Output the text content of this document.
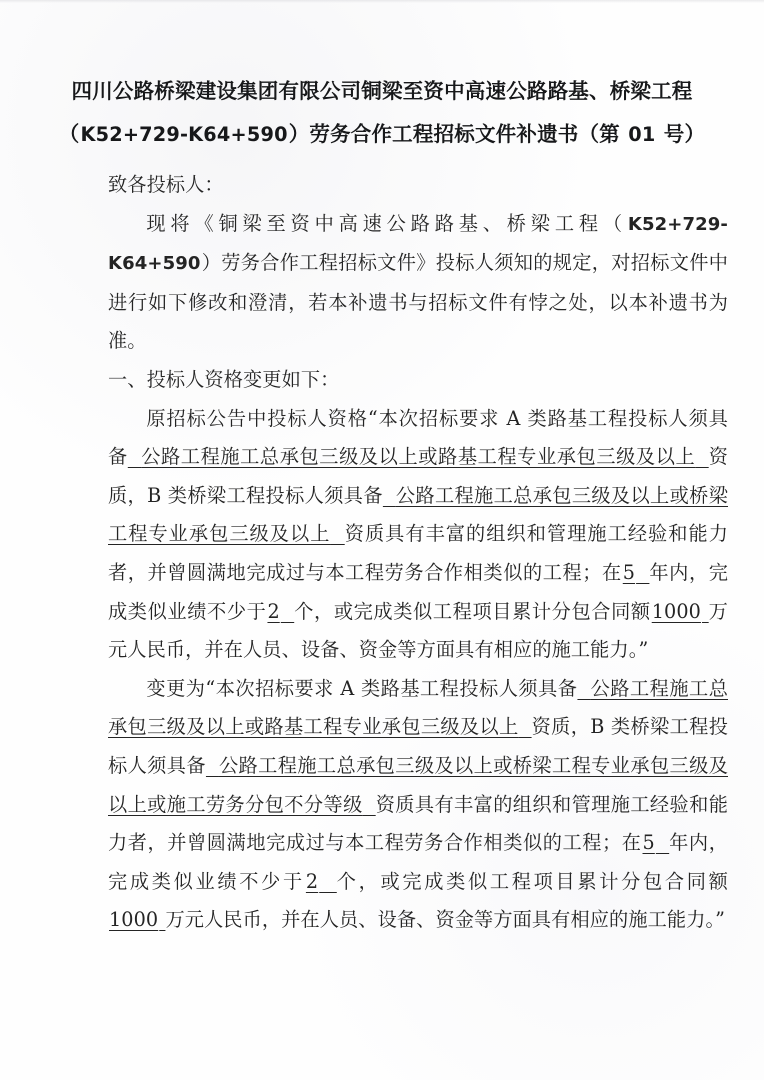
四川公路桥梁建设集团有限公司铜梁至资中高速公路路基、桥梁工程
（K52+729-K64+590）劳务合作工程招标文件补遗书（第 01 号）

致各投标人：

现将《铜梁至资中高速公路路基、桥梁工程（K52+729-K64+590）劳务合作工程招标文件》投标人须知的规定，对招标文件中进行如下修改和澄清，若本补遗书与招标文件有悖之处，以本补遗书为准。

一、投标人资格变更如下：

原招标公告中投标人资格“本次招标要求 A 类路基工程投标人须具备 公路工程施工总承包三级及以上或路基工程专业承包三级及以上 资质，B 类桥梁工程投标人须具备 公路工程施工总承包三级及以上或桥梁工程专业承包三级及以上 资质具有丰富的组织和管理施工经验和能力者，并曾圆满地完成过与本工程劳务合作相类似的工程；在5 年内，完成类似业绩不少于2 个，或完成类似工程项目累计分包合同额1000 万元人民币，并在人员、设备、资金等方面具有相应的施工能力。”

变更为“本次招标要求 A 类路基工程投标人须具备 公路工程施工总承包三级及以上或路基工程专业承包三级及以上 资质，B 类桥梁工程投标人须具备 公路工程施工总承包三级及以上或桥梁工程专业承包三级及以上或施工劳务分包不分等级 资质具有丰富的组织和管理施工经验和能力者，并曾圆满地完成过与本工程劳务合作相类似的工程；在5 年内，完成类似业绩不少于2 个，或完成类似工程项目累计分包合同额1000 万元人民币，并在人员、设备、资金等方面具有相应的施工能力。”
